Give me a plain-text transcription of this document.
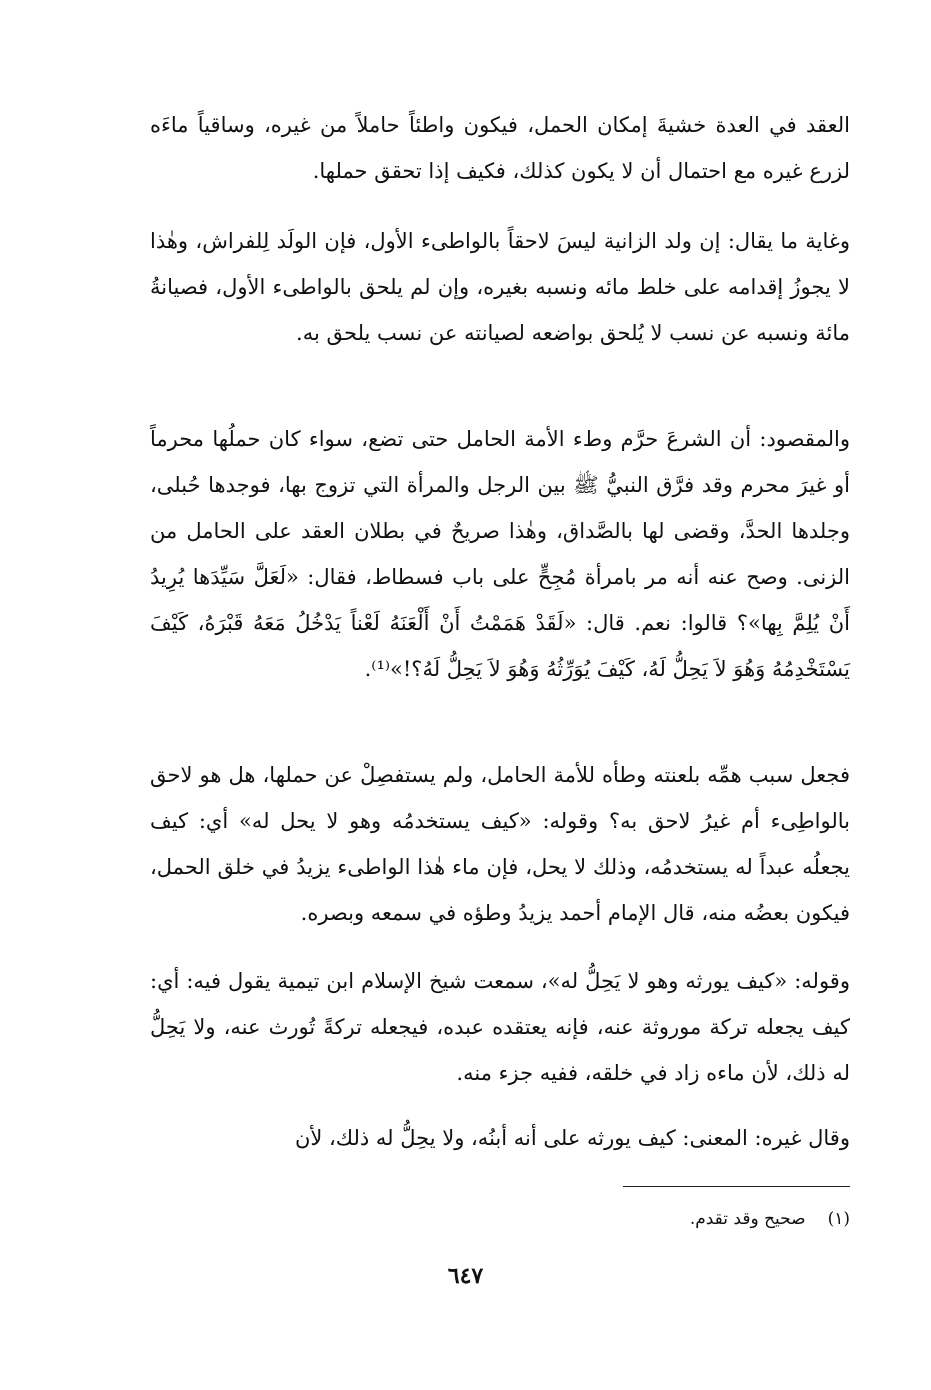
العقد في العدة خشيةَ إمكان الحمل، فيكون واطئاً حاملاً من غيره، وساقياً ماءَه لزرع غيره مع احتمال أن لا يكون كذلك، فكيف إذا تحقق حملها.

وغاية ما يقال: إن ولد الزانية ليسَ لاحقاً بالواطىء الأول، فإن الولَد لِلفراش، وهٰذا لا يجوزُ إقدامه على خلط مائه ونسبه بغيره، وإن لم يلحق بالواطىء الأول، فصيانةُ مائة ونسبه عن نسب لا يُلحق بواضعه لصيانته عن نسب يلحق به.

والمقصود: أن الشرعَ حرَّم وطء الأمة الحامل حتى تضع، سواء كان حملُها محرماً أو غيرَ محرم وقد فرَّق النبيُّ ﷺ بين الرجل والمرأة التي تزوج بها، فوجدها حُبلى، وجلدها الحدَّ، وقضى لها بالصَّداق، وهٰذا صريحٌ في بطلان العقد على الحامل من الزنى. وصح عنه أنه مر بامرأة مُجِحٍّ على باب فسطاط، فقال: «لَعَلَّ سَيِّدَها يُرِيدُ أَنْ يُلِمَّ بِها»؟ قالوا: نعم. قال: «لَقَدْ هَمَمْتُ أَنْ أَلْعَنَهُ لَعْناً يَدْخُلُ مَعَهُ قَبْرَهُ، كَيْفَ يَسْتَخْدِمُهُ وَهُوَ لاَ يَحِلُّ لَهُ، كَيْفَ يُوَرِّثُهُ وَهُوَ لاَ يَحِلُّ لَهُ؟!»⁽¹⁾.

فجعل سبب همِّه بلعنته وطأه للأمة الحامل، ولم يستفصِلْ عن حملها، هل هو لاحق بالواطِىء أم غيرُ لاحق به؟ وقوله: «كيف يستخدمُه وهو لا يحل له» أي: كيف يجعلُه عبداً له يستخدمُه، وذلك لا يحل، فإن ماء هٰذا الواطىء يزيدُ في خلق الحمل، فيكون بعضُه منه، قال الإمام أحمد يزيدُ وطؤه في سمعه وبصره.

وقوله: «كيف يورثه وهو لا يَحِلُّ له»، سمعت شيخ الإسلام ابن تيمية يقول فيه: أي: كيف يجعله تركة موروثة عنه، فإنه يعتقده عبده، فيجعله تركةً تُورث عنه، ولا يَحِلُّ له ذلك، لأن ماءه زاد في خلقه، ففيه جزء منه.

وقال غيره: المعنى: كيف يورثه على أنه أبنُه، ولا يحِلُّ له ذلك، لأن

(١)صحيح وقد تقدم.
٦٤٧
